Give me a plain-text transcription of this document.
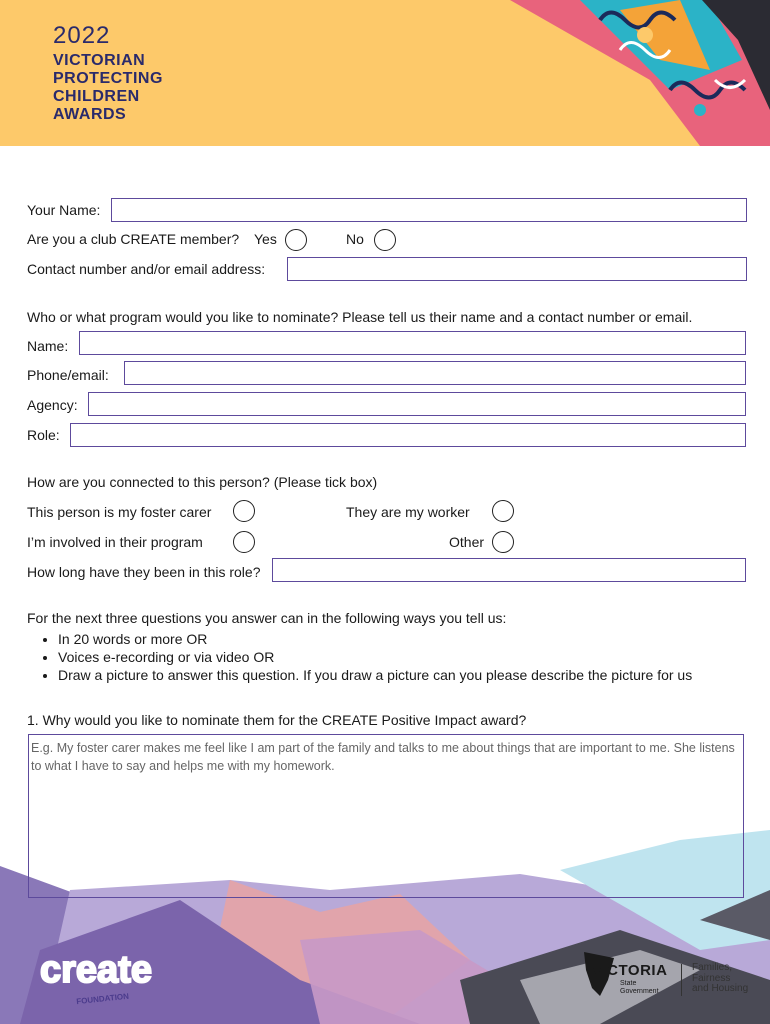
2022
VICTORIAN
PROTECTING
CHILDREN
AWARDS
Your Name:
Are you a club CREATE member? Yes	No
Contact number and/or email address:
Who or what program would you like to nominate? Please tell us their name and a contact number or email.
Name:
Phone/email:
Agency:
Role:
How are you connected to this person? (Please tick box)
This person is my foster carer	They are my worker
I’m involved in their program	Other
How long have they been in this role?
For the next three questions you answer can in the following ways you tell us:
• In 20 words or more OR
• Voices e-recording or via video OR
• Draw a picture to answer this question. If you draw a picture can you please describe the picture for us
1. Why would you like to nominate them for the CREATE Positive Impact award?
E.g. My foster carer makes me feel like I am part of the family and talks to me about things that are important to me. She listens to what I have to say and helps me with my homework.
create
FOUNDATION
VICTORIA
State
Government
Families,
Fairness
and Housing
